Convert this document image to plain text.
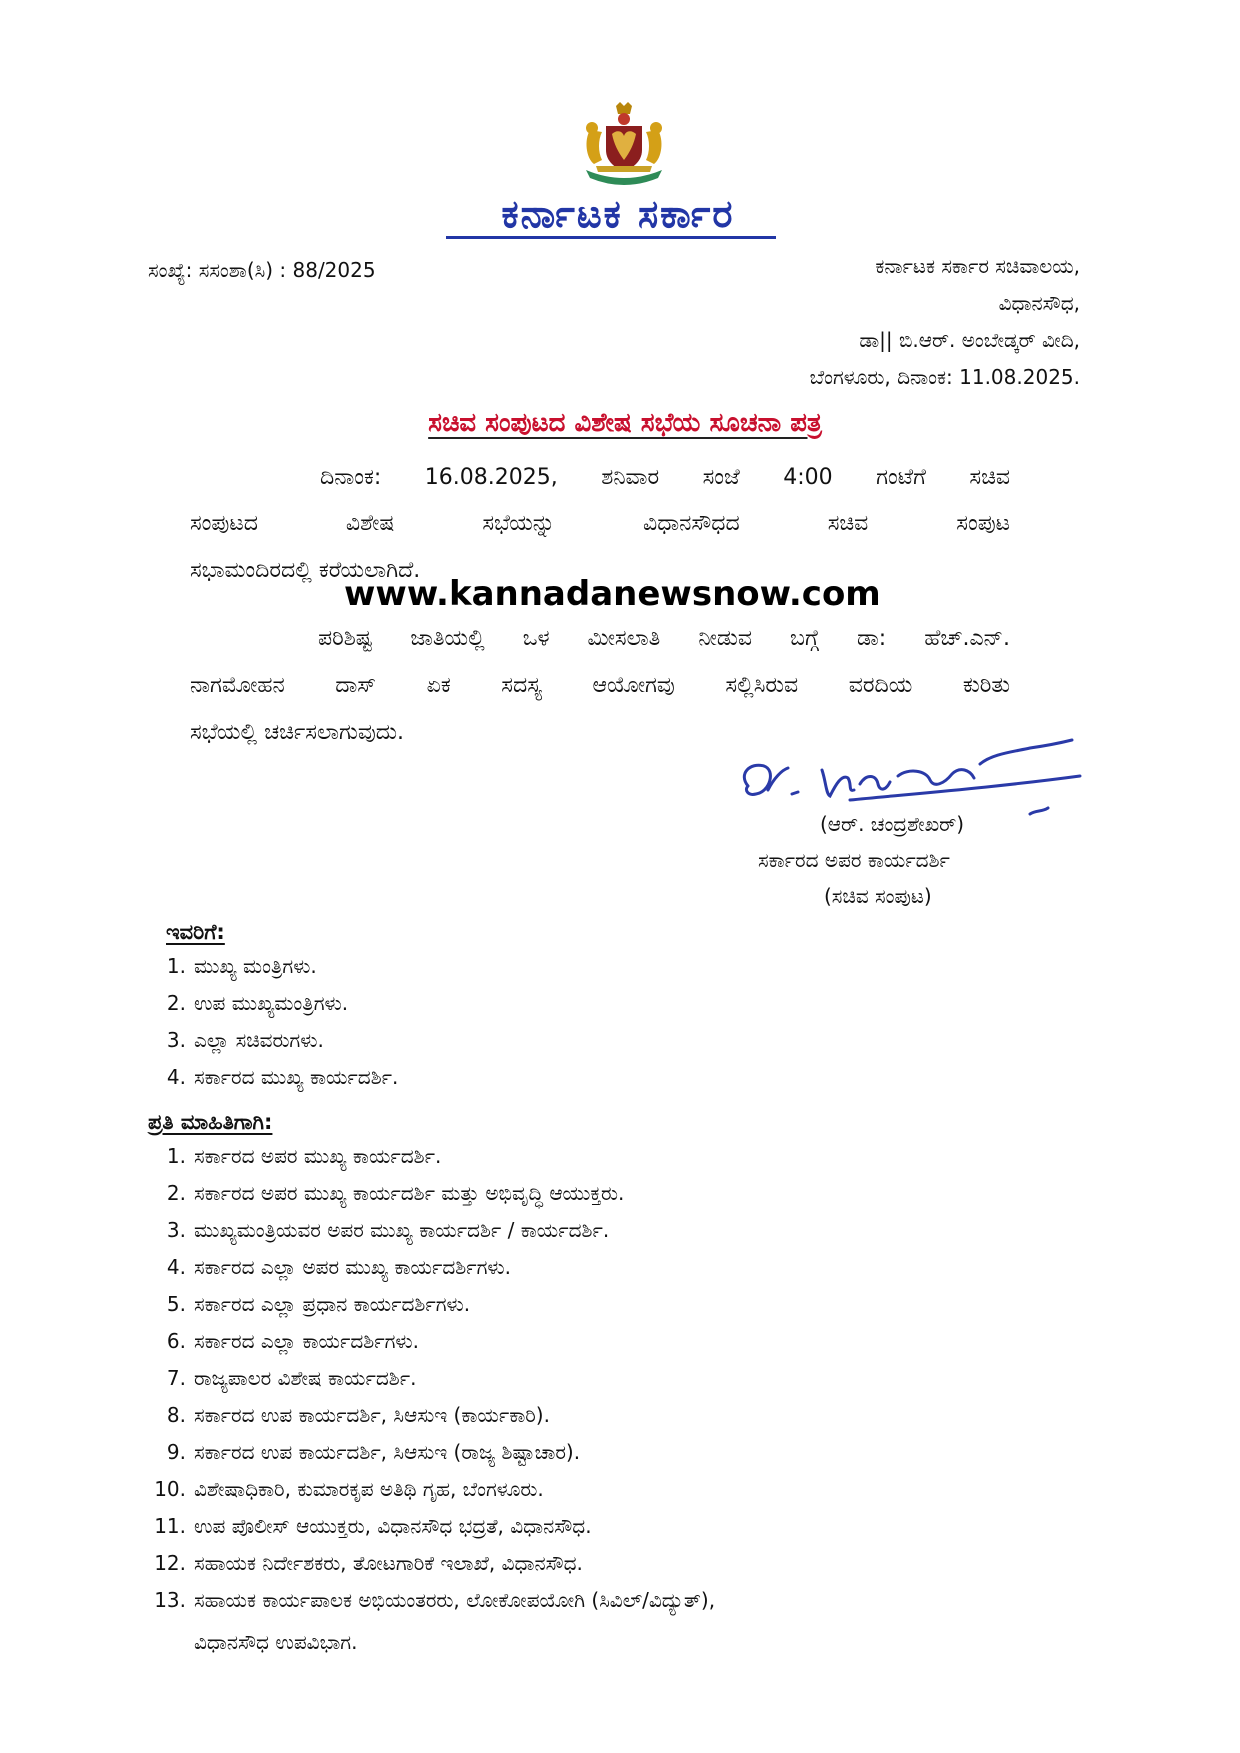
ಕರ್ನಾಟಕ ಸರ್ಕಾರ
ಸಂಖ್ಯೆ: ಸಸಂಶಾ(ಸಿ) : 88/2025	ಕರ್ನಾಟಕ ಸರ್ಕಾರ ಸಚಿವಾಲಯ,
ವಿಧಾನಸೌಧ,
ಡಾ|| ಬಿ.ಆರ್. ಅಂಬೇಡ್ಕರ್ ವೀದಿ,
ಬೆಂಗಳೂರು, ದಿನಾಂಕ: 11.08.2025.
ಸಚಿವ ಸಂಪುಟದ ವಿಶೇಷ ಸಭೆಯ ಸೂಚನಾ ಪತ್ರ
ದಿನಾಂಕ: 16.08.2025, ಶನಿವಾರ ಸಂಜೆ 4:00 ಗಂಟೆಗೆ ಸಚಿವ
ಸಂಪುಟದ ವಿಶೇಷ ಸಭೆಯನ್ನು ವಿಧಾನಸೌಧದ ಸಚಿವ ಸಂಪುಟ
ಸಭಾಮಂದಿರದಲ್ಲಿ ಕರೆಯಲಾಗಿದೆ.
www.kannadanewsnow.com
ಪರಿಶಿಷ್ಟ ಜಾತಿಯಲ್ಲಿ ಒಳ ಮೀಸಲಾತಿ ನೀಡುವ ಬಗ್ಗೆ ಡಾ: ಹೆಚ್.ಎನ್.
ನಾಗಮೋಹನ ದಾಸ್ ಏಕ ಸದಸ್ಯ ಆಯೋಗವು ಸಲ್ಲಿಸಿರುವ ವರದಿಯ ಕುರಿತು
ಸಭೆಯಲ್ಲಿ ಚರ್ಚಿಸಲಾಗುವುದು.
(ಆರ್. ಚಂದ್ರಶೇಖರ್)
ಸರ್ಕಾರದ ಅಪರ ಕಾರ್ಯದರ್ಶಿ
(ಸಚಿವ ಸಂಪುಟ)
ಇವರಿಗೆ:
1. ಮುಖ್ಯ ಮಂತ್ರಿಗಳು.
2. ಉಪ ಮುಖ್ಯಮಂತ್ರಿಗಳು.
3. ಎಲ್ಲಾ ಸಚಿವರುಗಳು.
4. ಸರ್ಕಾರದ ಮುಖ್ಯ ಕಾರ್ಯದರ್ಶಿ.
ಪ್ರತಿ ಮಾಹಿತಿಗಾಗಿ:
1. ಸರ್ಕಾರದ ಅಪರ ಮುಖ್ಯ ಕಾರ್ಯದರ್ಶಿ.
2. ಸರ್ಕಾರದ ಅಪರ ಮುಖ್ಯ ಕಾರ್ಯದರ್ಶಿ ಮತ್ತು ಅಭಿವೃದ್ಧಿ ಆಯುಕ್ತರು.
3. ಮುಖ್ಯಮಂತ್ರಿಯವರ ಅಪರ ಮುಖ್ಯ ಕಾರ್ಯದರ್ಶಿ / ಕಾರ್ಯದರ್ಶಿ.
4. ಸರ್ಕಾರದ ಎಲ್ಲಾ ಅಪರ ಮುಖ್ಯ ಕಾರ್ಯದರ್ಶಿಗಳು.
5. ಸರ್ಕಾರದ ಎಲ್ಲಾ ಪ್ರಧಾನ ಕಾರ್ಯದರ್ಶಿಗಳು.
6. ಸರ್ಕಾರದ ಎಲ್ಲಾ ಕಾರ್ಯದರ್ಶಿಗಳು.
7. ರಾಜ್ಯಪಾಲರ ವಿಶೇಷ ಕಾರ್ಯದರ್ಶಿ.
8. ಸರ್ಕಾರದ ಉಪ ಕಾರ್ಯದರ್ಶಿ, ಸಿಆಸುಇ (ಕಾರ್ಯಕಾರಿ).
9. ಸರ್ಕಾರದ ಉಪ ಕಾರ್ಯದರ್ಶಿ, ಸಿಆಸುಇ (ರಾಜ್ಯ ಶಿಷ್ಟಾಚಾರ).
10. ವಿಶೇಷಾಧಿಕಾರಿ, ಕುಮಾರಕೃಪ ಅತಿಥಿ ಗೃಹ, ಬೆಂಗಳೂರು.
11. ಉಪ ಪೊಲೀಸ್ ಆಯುಕ್ತರು, ವಿಧಾನಸೌಧ ಭದ್ರತೆ, ವಿಧಾನಸೌಧ.
12. ಸಹಾಯಕ ನಿರ್ದೇಶಕರು, ತೋಟಗಾರಿಕೆ ಇಲಾಖೆ, ವಿಧಾನಸೌಧ.
13. ಸಹಾಯಕ ಕಾರ್ಯಪಾಲಕ ಅಭಿಯಂತರರು, ಲೋಕೋಪಯೋಗಿ (ಸಿವಿಲ್/ವಿದ್ಯುತ್),
ವಿಧಾನಸೌಧ ಉಪವಿಭಾಗ.
